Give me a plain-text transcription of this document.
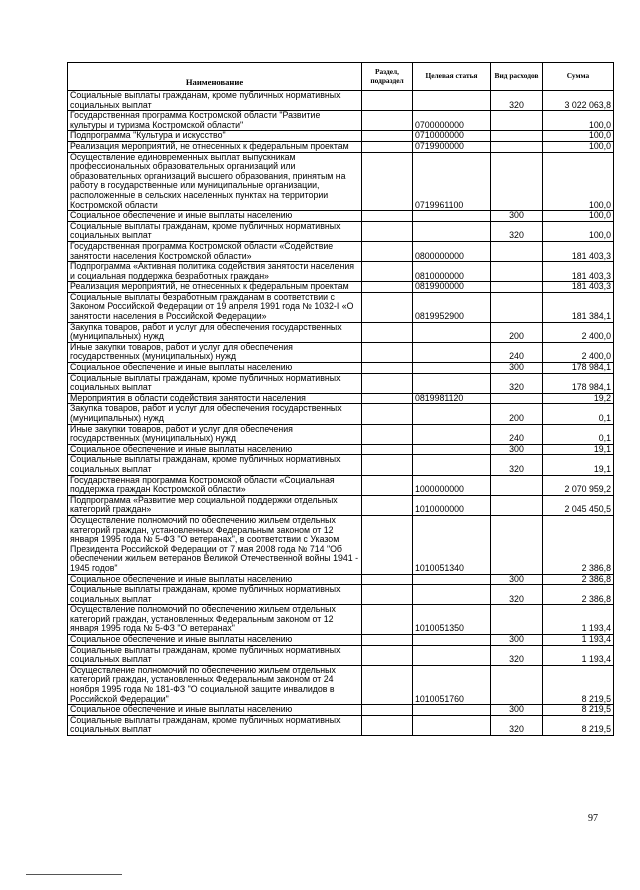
Наименование	Раздел, подраздел	Целевая статья	Вид расходов	Сумма
Социальные выплаты гражданам, кроме публичных нормативных социальных выплат			320	3 022 063,8
Государственная программа Костромской области "Развитие культуры и туризма Костромской области"		0700000000		100,0
Подпрограмма "Культура и искусство"		0710000000		100,0
Реализация мероприятий, не отнесенных к федеральным проектам		0719900000		100,0
Осуществление единовременных выплат выпускникам профессиональных образовательных организаций или образовательных организаций высшего образования, принятым на работу в государственные или муниципальные организации, расположенные в сельских населенных пунктах на территории Костромской области		0719961100		100,0
Социальное обеспечение и иные выплаты населению			300	100,0
Социальные выплаты гражданам, кроме публичных нормативных социальных выплат			320	100,0
Государственная программа Костромской области «Содействие занятости населения Костромской области»		0800000000		181 403,3
Подпрограмма «Активная политика содействия занятости населения и социальная поддержка безработных граждан»		0810000000		181 403,3
Реализация мероприятий, не отнесенных к федеральным проектам		0819900000		181 403,3
Социальные выплаты безработным гражданам в соответствии с Законом Российской Федерации от 19 апреля 1991 года № 1032-I «О занятости населения в Российской Федерации»		0819952900		181 384,1
Закупка товаров, работ и услуг для обеспечения государственных (муниципальных) нужд			200	2 400,0
Иные закупки товаров, работ и услуг для обеспечения государственных (муниципальных) нужд			240	2 400,0
Социальное обеспечение и иные выплаты населению			300	178 984,1
Социальные выплаты гражданам, кроме публичных нормативных социальных выплат			320	178 984,1
Мероприятия в области содействия занятости населения		0819981120		19,2
Закупка товаров, работ и услуг для обеспечения государственных (муниципальных) нужд			200	0,1
Иные закупки товаров, работ и услуг для обеспечения государственных (муниципальных) нужд			240	0,1
Социальное обеспечение и иные выплаты населению			300	19,1
Социальные выплаты гражданам, кроме публичных нормативных социальных выплат			320	19,1
Государственная программа Костромской области «Социальная поддержка граждан Костромской области»		1000000000		2 070 959,2
Подпрограмма «Развитие мер социальной поддержки отдельных категорий граждан»		1010000000		2 045 450,5
Осуществление полномочий по обеспечению жильем отдельных категорий граждан, установленных Федеральным законом от 12 января 1995 года № 5-ФЗ "О ветеранах", в соответствии с Указом Президента Российской Федерации от 7 мая 2008 года № 714 "Об обеспечении жильем ветеранов Великой Отечественной войны 1941 - 1945 годов"		1010051340		2 386,8
Социальное обеспечение и иные выплаты населению			300	2 386,8
Социальные выплаты гражданам, кроме публичных нормативных социальных выплат			320	2 386,8
Осуществление полномочий по обеспечению жильем отдельных категорий граждан, установленных Федеральным законом от 12 января 1995 года № 5-ФЗ "О ветеранах"		1010051350		1 193,4
Социальное обеспечение и иные выплаты населению			300	1 193,4
Социальные выплаты гражданам, кроме публичных нормативных социальных выплат			320	1 193,4
Осуществление полномочий по обеспечению жильем отдельных категорий граждан, установленных Федеральным законом от 24 ноября 1995 года № 181-ФЗ "О социальной защите инвалидов в Российской Федерации"		1010051760		8 219,5
Социальное обеспечение и иные выплаты населению			300	8 219,5
Социальные выплаты гражданам, кроме публичных нормативных социальных выплат			320	8 219,5
97
